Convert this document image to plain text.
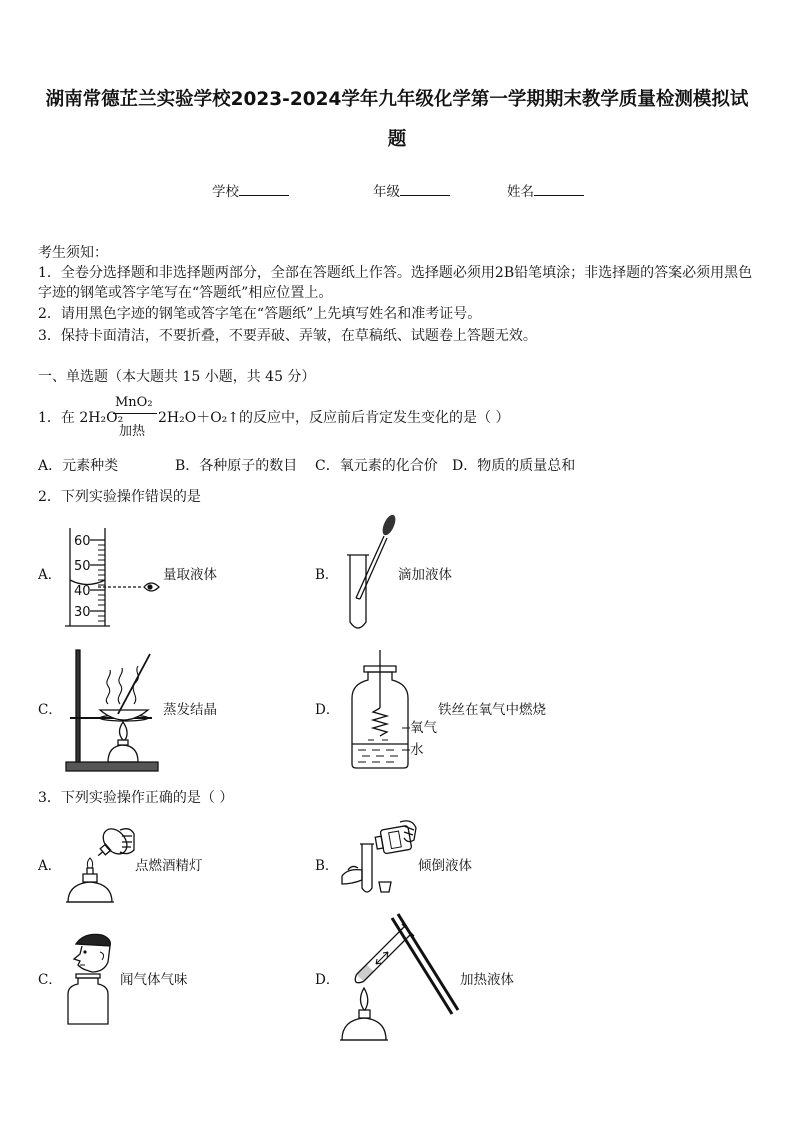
湖南常德芷兰实验学校2023-2024学年九年级化学第一学期期末教学质量检测模拟试
题
学校	年级	姓名
考生须知：
1．全卷分选择题和非选择题两部分，全部在答题纸上作答。选择题必须用2B铅笔填涂；非选择题的答案必须用黑色
字迹的钢笔或答字笔写在“答题纸”相应位置上。
2．请用黑色字迹的钢笔或答字笔在“答题纸”上先填写姓名和准考证号。
3．保持卡面清洁，不要折叠，不要弄破、弄皱，在草稿纸、试题卷上答题无效。
一、单选题（本大题共 15 小题，共 45 分）
1．在 2H₂O₂
MnO₂
加热
2H₂O＋O₂↑的反应中，反应前后肯定发生变化的是（ ）
A．元素种类	B．各种原子的数目 C．氧元素的化合价 D．物质的质量总和
2．下列实验操作错误的是
A．
60
50
40
30
量取液体	B．	滴加液体
C．	蒸发结晶	D．
氧气
水
铁丝在氧气中燃烧
3．下列实验操作正确的是（ ）
A．	点燃酒精灯	B．	倾倒液体
C．	闻气体气味	D．	加热液体
